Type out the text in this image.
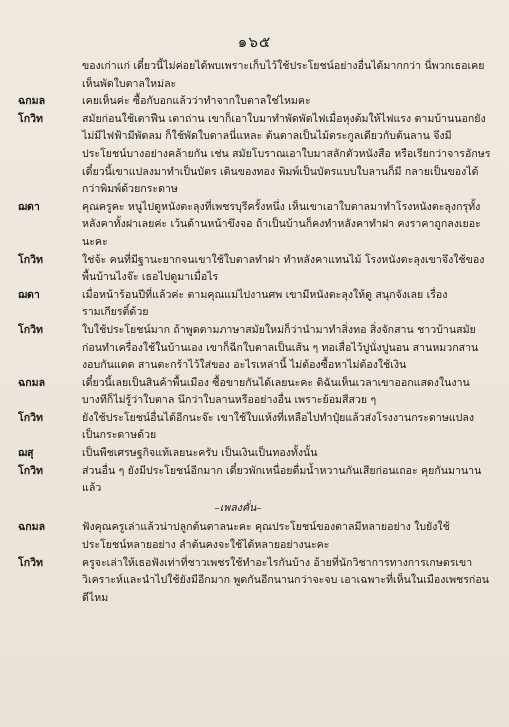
๑๖๕
ของเก่าแก่ เดี๋ยวนี้ไม่ค่อยได้พบเพราะเก็บไว้ใช้ประโยชน์อย่างอื่นได้มากกว่า นี่พวกเธอเคยเห็นพัดใบตาลใหม่ละ
ฉกมล	เคยเห็นค่ะ ซื้อกับอกแล้วว่าทำจากใบตาลใช่ไหมคะ
โกวิท	สมัยก่อนใช้เตาฟืน เตาถ่าน เขาก็เอาใบมาทำพัดพัดไฟเมื่อหุงต้มให้ไฟแรง ตามบ้านนอกยังไม่มีไฟฟ้ามีพัดลม ก็ใช้พัดใบตาลนี่แหละ ต้นตาลเป็นไม้ตระกูลเดียวกับต้นลาน จึงมีประโยชน์บางอย่างคล้ายกัน เช่น สมัยโบราณเอาใบมาสลักตัวหนังสือ หรือเรียกว่าจารอักษร เดี๋ยวนี้เขาแปลงมาทำเป็นบัตร เดินของทอง พิมพ์เป็นบัตรแบบใบลานก็มี กลายเป็นของได้กว่าพิมพ์ด้วยกระดาษ
ฌดา	คุณครูคะ หนูไปดูหนังตะลุงที่เพชรบุรีครั้งหนึ่ง เห็นเขาเอาใบตาลมาทำโรงหนังตะลุงกรุทั้งหลังคาทั้งฝาเลยค่ะ เว้นด้านหน้าขึงจอ ถ้าเป็นบ้านก็คงทำหลังคาทำฝา คงราคาถูกลงเยอะนะคะ
โกวิท	ใช่จ้ะ คนที่มีฐานะยากจนเขาใช้ใบตาลทำฝา ทำหลังคาแทนไม้ โรงหนังตะลุงเขาจึงใช้ของพื้นบ้านไงจ๊ะ เธอไปดูมาเมื่อไร
ฌดา	เมื่อหน้าร้อนปีที่แล้วค่ะ ตามคุณแม่ไปงานศพ เขามีหนังตะลุงให้ดู สนุกจังเลย เรื่องรามเกียรติ์ด้วย
โกวิท	ใบใช้ประโยชน์มาก ถ้าพูดตามภาษาสมัยใหม่ก็ว่านำมาทำสิ่งทอ สิ่งจักสาน ชาวบ้านสมัยก่อนทำเครื่องใช้ในบ้านเอง เขาก็ฉีกใบตาลเป็นเส้น ๆ ทอเสื่อไว้ปูนั่งปูนอน สานหมวกสานงอบกันแดด สานตะกร้าไว้ใส่ของ อะไรเหล่านี้ ไม่ต้องซื้อหาไม่ต้องใช้เงิน
ฉกมล	เดี๋ยวนี้เลยเป็นสินค้าพื้นเมือง ซื้อขายกันได้เลยนะคะ ดิฉันเห็นเวลาเขาออกแสดงในงาน บางทีก็ไม่รู้ว่าใบตาล นึกว่าใบลานหรืออย่างอื่น เพราะย้อมสีสวย ๆ
โกวิท	ยังใช้ประโยชน์อื่นได้อีกนะจ๊ะ เขาใช้ใบแห้งที่เหลือไปทำปุ๋ยแล้วส่งโรงงานกระดาษแปลงเป็นกระดาษด้วย
ฌสุ	เป็นพืชเศรษฐกิจแท้เลยนะครับ เป็นเงินเป็นทองทั้งนั้น
โกวิท	ส่วนอื่น ๆ ยังมีประโยชน์อีกมาก เดี๋ยวพักเหนื่อยดื่มน้ำหวานกันเสียก่อนเถอะ คุยกันมานานแล้ว
–เพลงคั่น–
ฉกมล	ฟังคุณครูเล่าแล้วน่าปลูกต้นตาลนะคะ คุณประโยชน์ของตาลมีหลายอย่าง ใบยังใช้ประโยชน์หลายอย่าง ลำต้นคงจะใช้ได้หลายอย่างนะคะ
โกวิท	ครูจะเล่าให้เธอฟังเท่าที่ชาวเพชรใช้ทำอะไรกันบ้าง อ้ายที่นักวิชาการทางการเกษตรเขาวิเคราะห์และนำไปใช้ยังมีอีกมาก พูดกันอีกนานกว่าจะจบ เอาเฉพาะที่เห็นในเมืองเพชรก่อนดีไหม
